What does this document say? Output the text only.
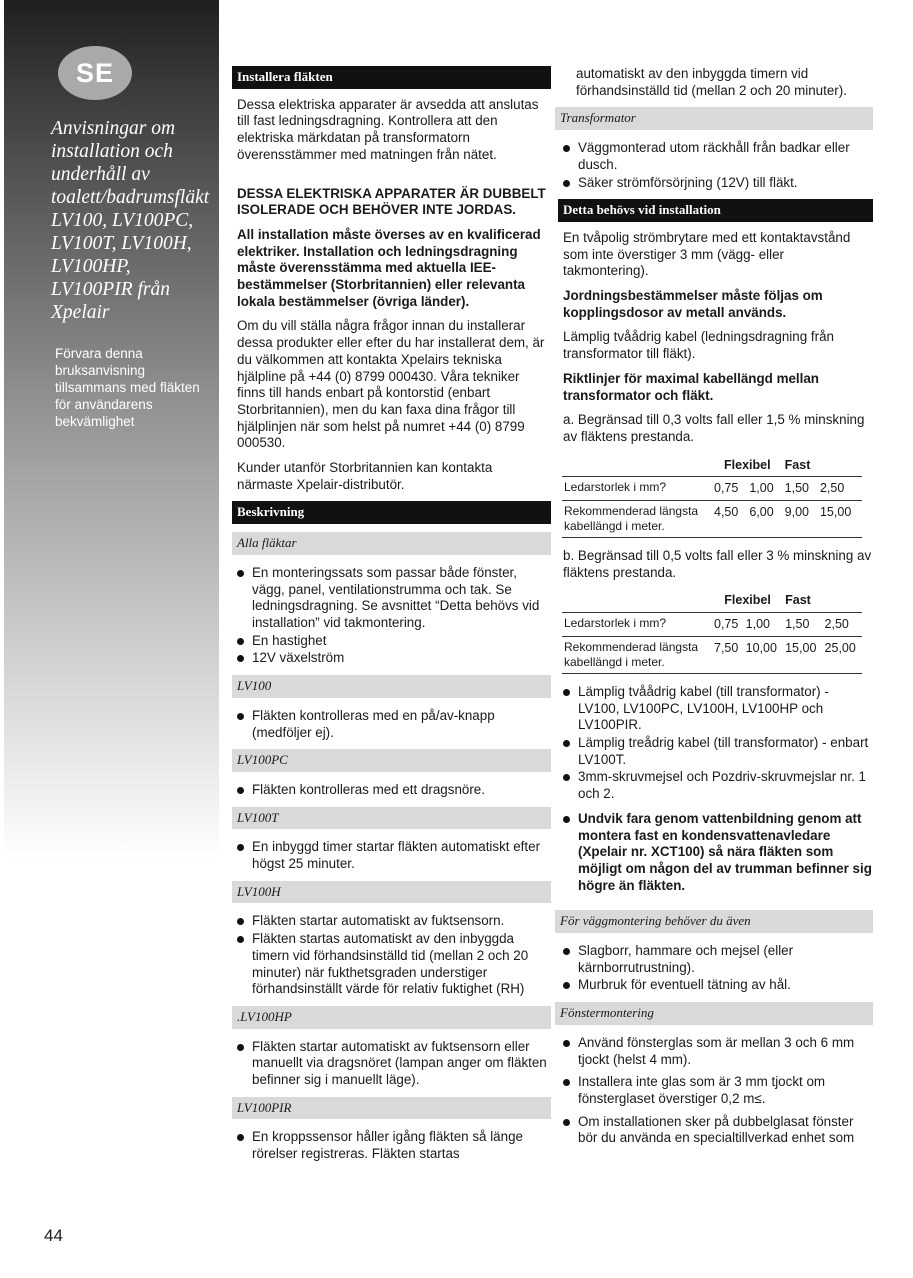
SE
Anvisningar om installation och underhåll av toalett/badrumsfläkt LV100, LV100PC, LV100T, LV100H, LV100HP, LV100PIR från Xpelair

Förvara denna bruksanvisning tillsammans med fläkten för användarens bekvämlighet

Installera fläkten

Dessa elektriska apparater är avsedda att anslutas till fast ledningsdragning. Kontrollera att den elektriska märkdatan på transformatorn överensstämmer med matningen från nätet.

DESSA ELEKTRISKA APPARATER ÄR DUBBELT ISOLERADE OCH BEHÖVER INTE JORDAS.

All installation måste överses av en kvalificerad elektriker. Installation och ledningsdragning måste överensstämma med aktuella IEE-bestämmelser (Storbritannien) eller relevanta lokala bestämmelser (övriga länder).

Om du vill ställa några frågor innan du installerar dessa produkter eller efter du har installerat dem, är du välkommen att kontakta Xpelairs tekniska hjälpline på +44 (0) 8799 000430. Våra tekniker finns till hands enbart på kontorstid (enbart Storbritannien), men du kan faxa dina frågor till hjälplinjen när som helst på numret +44 (0) 8799 000530.

Kunder utanför Storbritannien kan kontakta närmaste Xpelair-distributör.

Beskrivning
Alla fläktar
En monteringssats som passar både fönster, vägg, panel, ventilationstrumma och tak. Se ledningsdragning. Se avsnittet “Detta behövs vid installation” vid takmontering.
En hastighet
12V växelström
LV100
Fläkten kontrolleras med en på/av-knapp (medföljer ej).
LV100PC
Fläkten kontrolleras med ett dragsnöre.
LV100T
En inbyggd timer startar fläkten automatiskt efter högst 25 minuter.
LV100H
Fläkten startar automatiskt av fuktsensorn.
Fläkten startas automatiskt av den inbyggda timern vid förhandsinställd tid (mellan 2 och 20 minuter) när fukthetsgraden understiger förhandsinställt värde för relativ fuktighet (RH)
.LV100HP
Fläkten startar automatiskt av fuktsensorn eller manuellt via dragsnöret (lampan anger om fläkten befinner sig i manuellt läge).
LV100PIR
En kroppssensor håller igång fläkten så länge rörelser registreras. Fläkten startas

automatiskt av den inbyggda timern vid förhandsinställd tid (mellan 2 och 20 minuter).

Transformator
Väggmonterad utom räckhåll från badkar eller dusch.
Säker strömförsörjning (12V) till fläkt.
Detta behövs vid installation

En tvåpolig strömbrytare med ett kontaktavstånd som inte överstiger 3 mm (vägg- eller takmontering).

Jordningsbestämmelser måste följas om kopplingsdosor av metall används.

Lämplig tvåådrig kabel (ledningsdragning från transformator till fläkt).

Riktlinjer för maximal kabellängd mellan transformator och fläkt.

a. Begränsad till 0,3 volts fall eller 1,5 % minskning av fläktens prestanda.

	Flexibel		Fast	
Ledarstorlek i mm?	0,75	1,00	1,50	2,50
Rekommenderad längsta kabellängd i meter.	4,50	6,00	9,00	15,00

b. Begränsad till 0,5 volts fall eller 3 % minskning av fläktens prestanda.

	Flexibel		Fast	
Ledarstorlek i mm?	0,75	1,00	1,50	2,50
Rekommenderad längsta kabellängd i meter.	7,50	10,00	15,00	25,00
Lämplig tvåådrig kabel (till transformator) - LV100, LV100PC, LV100H, LV100HP och LV100PIR.
Lämplig treådrig kabel (till transformator) - enbart LV100T.
3mm-skruvmejsel och Pozdriv-skruvmejslar nr. 1 och 2.
Undvik fara genom vattenbildning genom att montera fast en kondensvattenavledare (Xpelair nr. XCT100) så nära fläkten som möjligt om någon del av trumman befinner sig högre än fläkten.
För väggmontering behöver du även
Slagborr, hammare och mejsel (eller kärnborrutrustning).
Murbruk för eventuell tätning av hål.
Fönstermontering
Använd fönsterglas som är mellan 3 och 6 mm tjockt (helst 4 mm).
Installera inte glas som är 3 mm tjockt om fönsterglaset överstiger 0,2 m≤.
Om installationen sker på dubbelglasat fönster bör du använda en specialtillverkad enhet som

44
